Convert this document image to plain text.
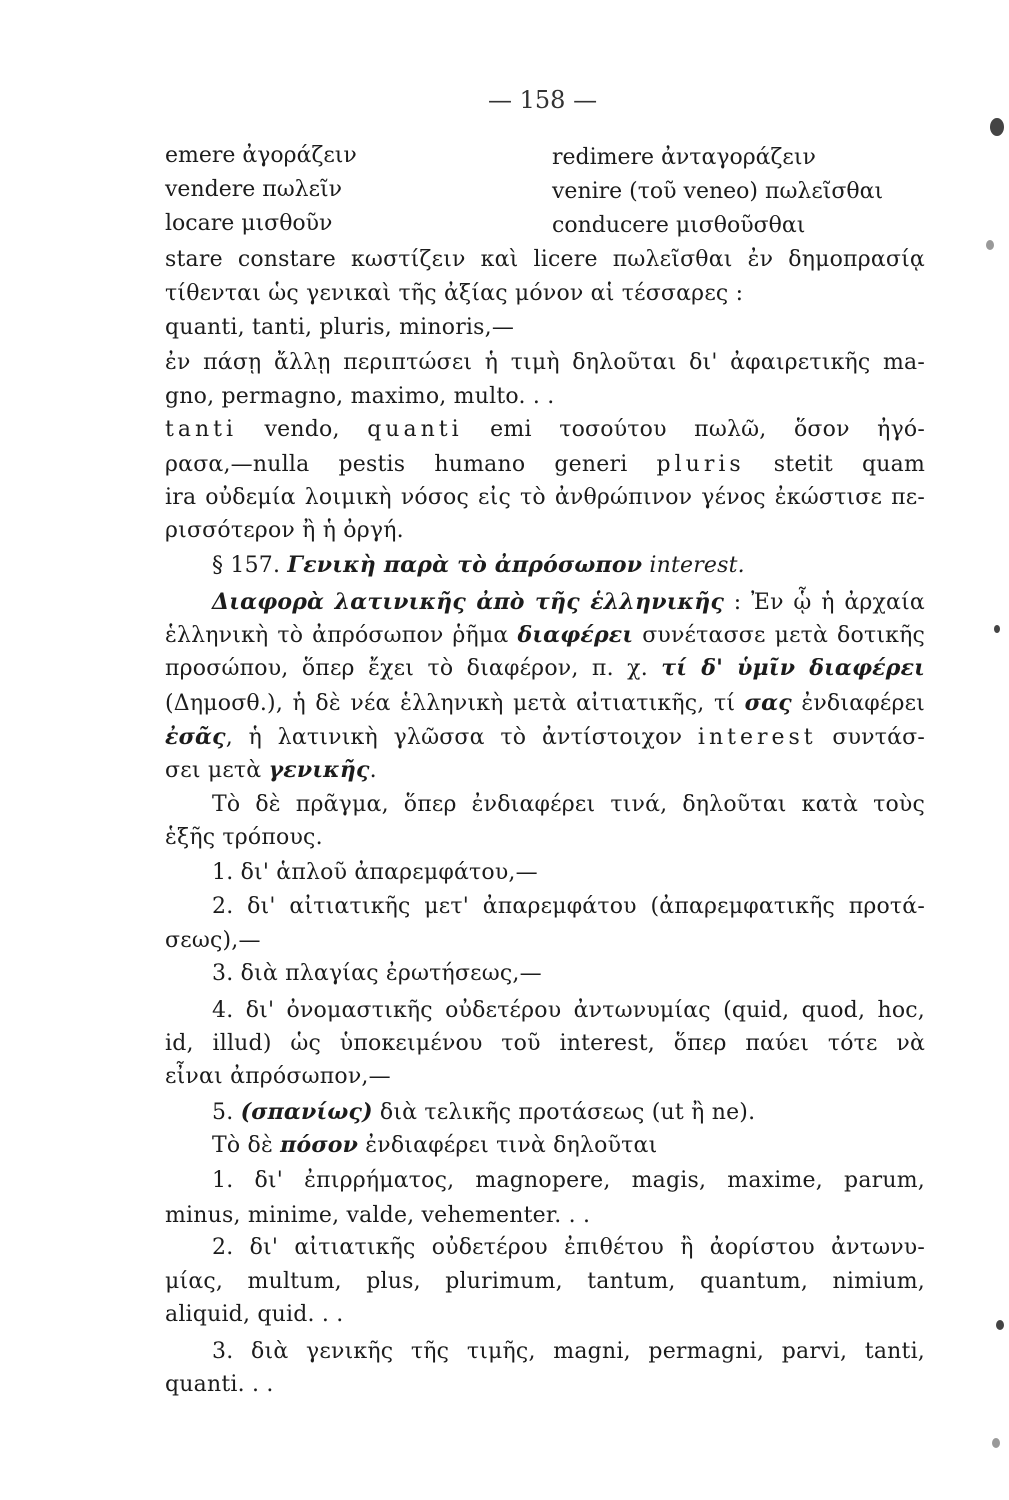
— 158 —
emere ἀγοράζειν	redimere ἀνταγοράζειν
vendere πωλεῖν	venire (τοῦ veneo) πωλεῖσθαι
locare μισθοῦν	conducere μισθοῦσθαι
stare constare κωστίζειν καὶ licere πωλεῖσθαι ἐν δημοπρασίᾳ
τίθενται ὡς γενικαὶ τῆς ἀξίας μόνον αἱ τέσσαρες :
quanti, tanti, pluris, minoris,—
ἐν πάσῃ ἄλλῃ περιπτώσει ἡ τιμὴ δηλοῦται δι' ἀφαιρετικῆς ma-
gno, permagno, maximo, multo. . .
tanti vendo, quanti emi τοσούτου πωλῶ, ὅσον ἠγό-
ρασα,—nulla pestis humano generi pluris stetit quam
ira οὐδεμία λοιμικὴ νόσος εἰς τὸ ἀνθρώπινον γένος ἐκώστισε πε-
ρισσότερον ἢ ἡ ὀργή.
§ 157. Γενικὴ παρὰ τὸ ἀπρόσωπον interest.
Διαφορὰ λατινικῆς ἀπὸ τῆς ἑλληνικῆς : Ἐν ᾧ ἡ ἀρχαία
ἑλληνικὴ τὸ ἀπρόσωπον ῥῆμα διαφέρει συνέτασσε μετὰ δοτικῆς
προσώπου, ὅπερ ἔχει τὸ διαφέρον, π. χ. τί δ' ὑμῖν διαφέρει
(Δημοσθ.), ἡ δὲ νέα ἑλληνικὴ μετὰ αἰτιατικῆς, τί σας ἐνδιαφέρει
ἐσᾶς, ἡ λατινικὴ γλῶσσα τὸ ἀντίστοιχον interest συντάσ-
σει μετὰ γενικῆς.
Τὸ δὲ πρᾶγμα, ὅπερ ἐνδιαφέρει τινά, δηλοῦται κατὰ τοὺς
ἑξῆς τρόπους.
1. δι' ἁπλοῦ ἀπαρεμφάτου,—
2. δι' αἰτιατικῆς μετ' ἀπαρεμφάτου (ἀπαρεμφατικῆς προτά-
σεως),—
3. διὰ πλαγίας ἐρωτήσεως,—
4. δι' ὀνομαστικῆς οὐδετέρου ἀντωνυμίας (quid, quod, hoc,
id, illud) ὡς ὑποκειμένου τοῦ interest, ὅπερ παύει τότε νὰ
εἶναι ἀπρόσωπον,—
5. (σπανίως) διὰ τελικῆς προτάσεως (ut ἢ ne).
Τὸ δὲ πόσον ἐνδιαφέρει τινὰ δηλοῦται
1. δι' ἐπιρρήματος, magnopere, magis, maxime, parum,
minus, minime, valde, vehementer. . .
2. δι' αἰτιατικῆς οὐδετέρου ἐπιθέτου ἢ ἀορίστου ἀντωνυ-
μίας, multum, plus, plurimum, tantum, quantum, nimium,
aliquid, quid. . .
3. διὰ γενικῆς τῆς τιμῆς, magni, permagni, parvi, tanti,
quanti. . .
